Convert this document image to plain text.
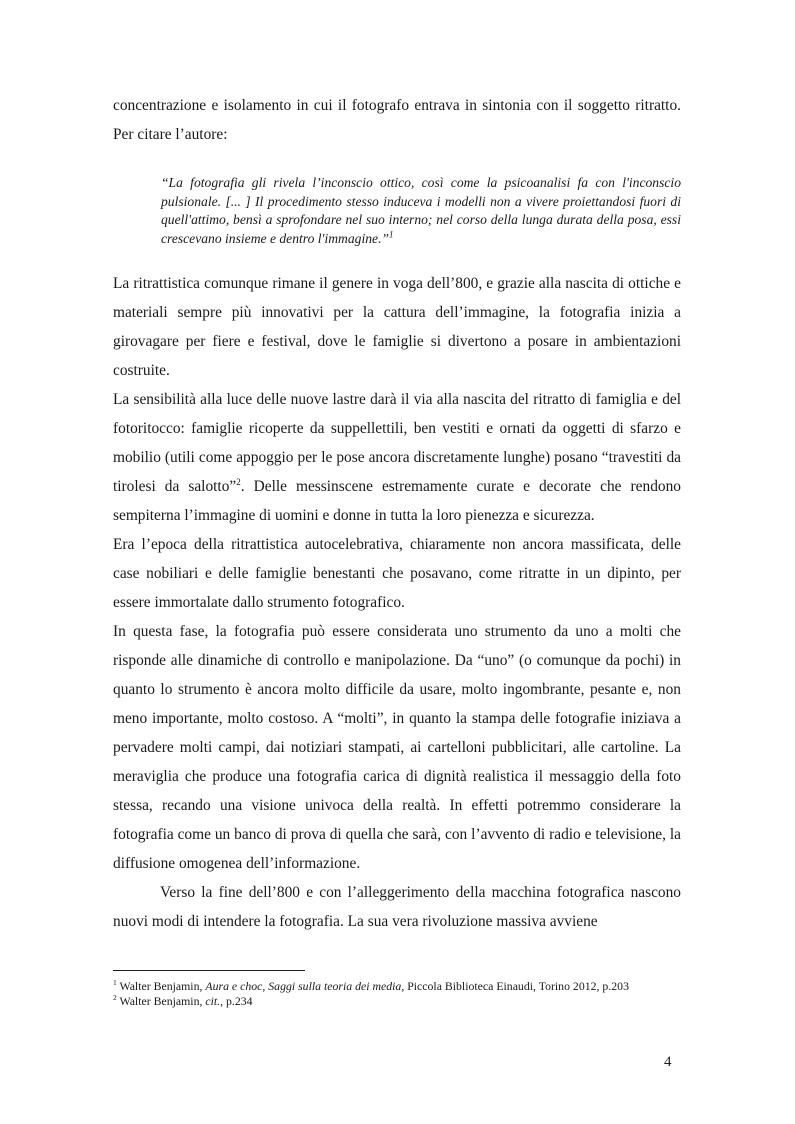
concentrazione e isolamento in cui il fotografo entrava in sintonia con il soggetto ritratto. Per citare l’autore:

“La fotografia gli rivela l’inconscio ottico, così come la psicoanalisi fa con l'inconscio pulsionale. [... ] Il procedimento stesso induceva i modelli non a vivere proiettandosi fuori di quell'attimo, bensì a sprofondare nel suo interno; nel corso della lunga durata della posa, essi crescevano insieme e dentro l'immagine.”$^1$

La ritrattistica comunque rimane il genere in voga dell’800, e grazie alla nascita di ottiche e materiali sempre più innovativi per la cattura dell’immagine, la fotografia inizia a girovagare per fiere e festival, dove le famiglie si divertono a posare in ambientazioni costruite.

La sensibilità alla luce delle nuove lastre darà il via alla nascita del ritratto di famiglia e del fotoritocco: famiglie ricoperte da suppellettili, ben vestiti e ornati da oggetti di sfarzo e mobilio (utili come appoggio per le pose ancora discretamente lunghe) posano “travestiti da tirolesi da salotto”$^2$. Delle messinscene estremamente curate e decorate che rendono sempiterna l’immagine di uomini e donne in tutta la loro pienezza e sicurezza.

Era l’epoca della ritrattistica autocelebrativa, chiaramente non ancora massificata, delle case nobiliari e delle famiglie benestanti che posavano, come ritratte in un dipinto, per essere immortalate dallo strumento fotografico.

In questa fase, la fotografia può essere considerata uno strumento da uno a molti che risponde alle dinamiche di controllo e manipolazione. Da “uno” (o comunque da pochi) in quanto lo strumento è ancora molto difficile da usare, molto ingombrante, pesante e, non meno importante, molto costoso. A “molti”, in quanto la stampa delle fotografie iniziava a pervadere molti campi, dai notiziari stampati, ai cartelloni pubblicitari, alle cartoline. La meraviglia che produce una fotografia carica di dignità realistica il messaggio della foto stessa, recando una visione univoca della realtà. In effetti potremmo considerare la fotografia come un banco di prova di quella che sarà, con l’avvento di radio e televisione, la diffusione omogenea dell’informazione.

Verso la fine dell’800 e con l’alleggerimento della macchina fotografica nascono nuovi modi di intendere la fotografia. La sua vera rivoluzione massiva avviene

$^1$ Walter Benjamin, Aura e choc, Saggi sulla teoria dei media, Piccola Biblioteca Einaudi, Torino 2012, p.203

$^2$ Walter Benjamin, cit., p.234

4
